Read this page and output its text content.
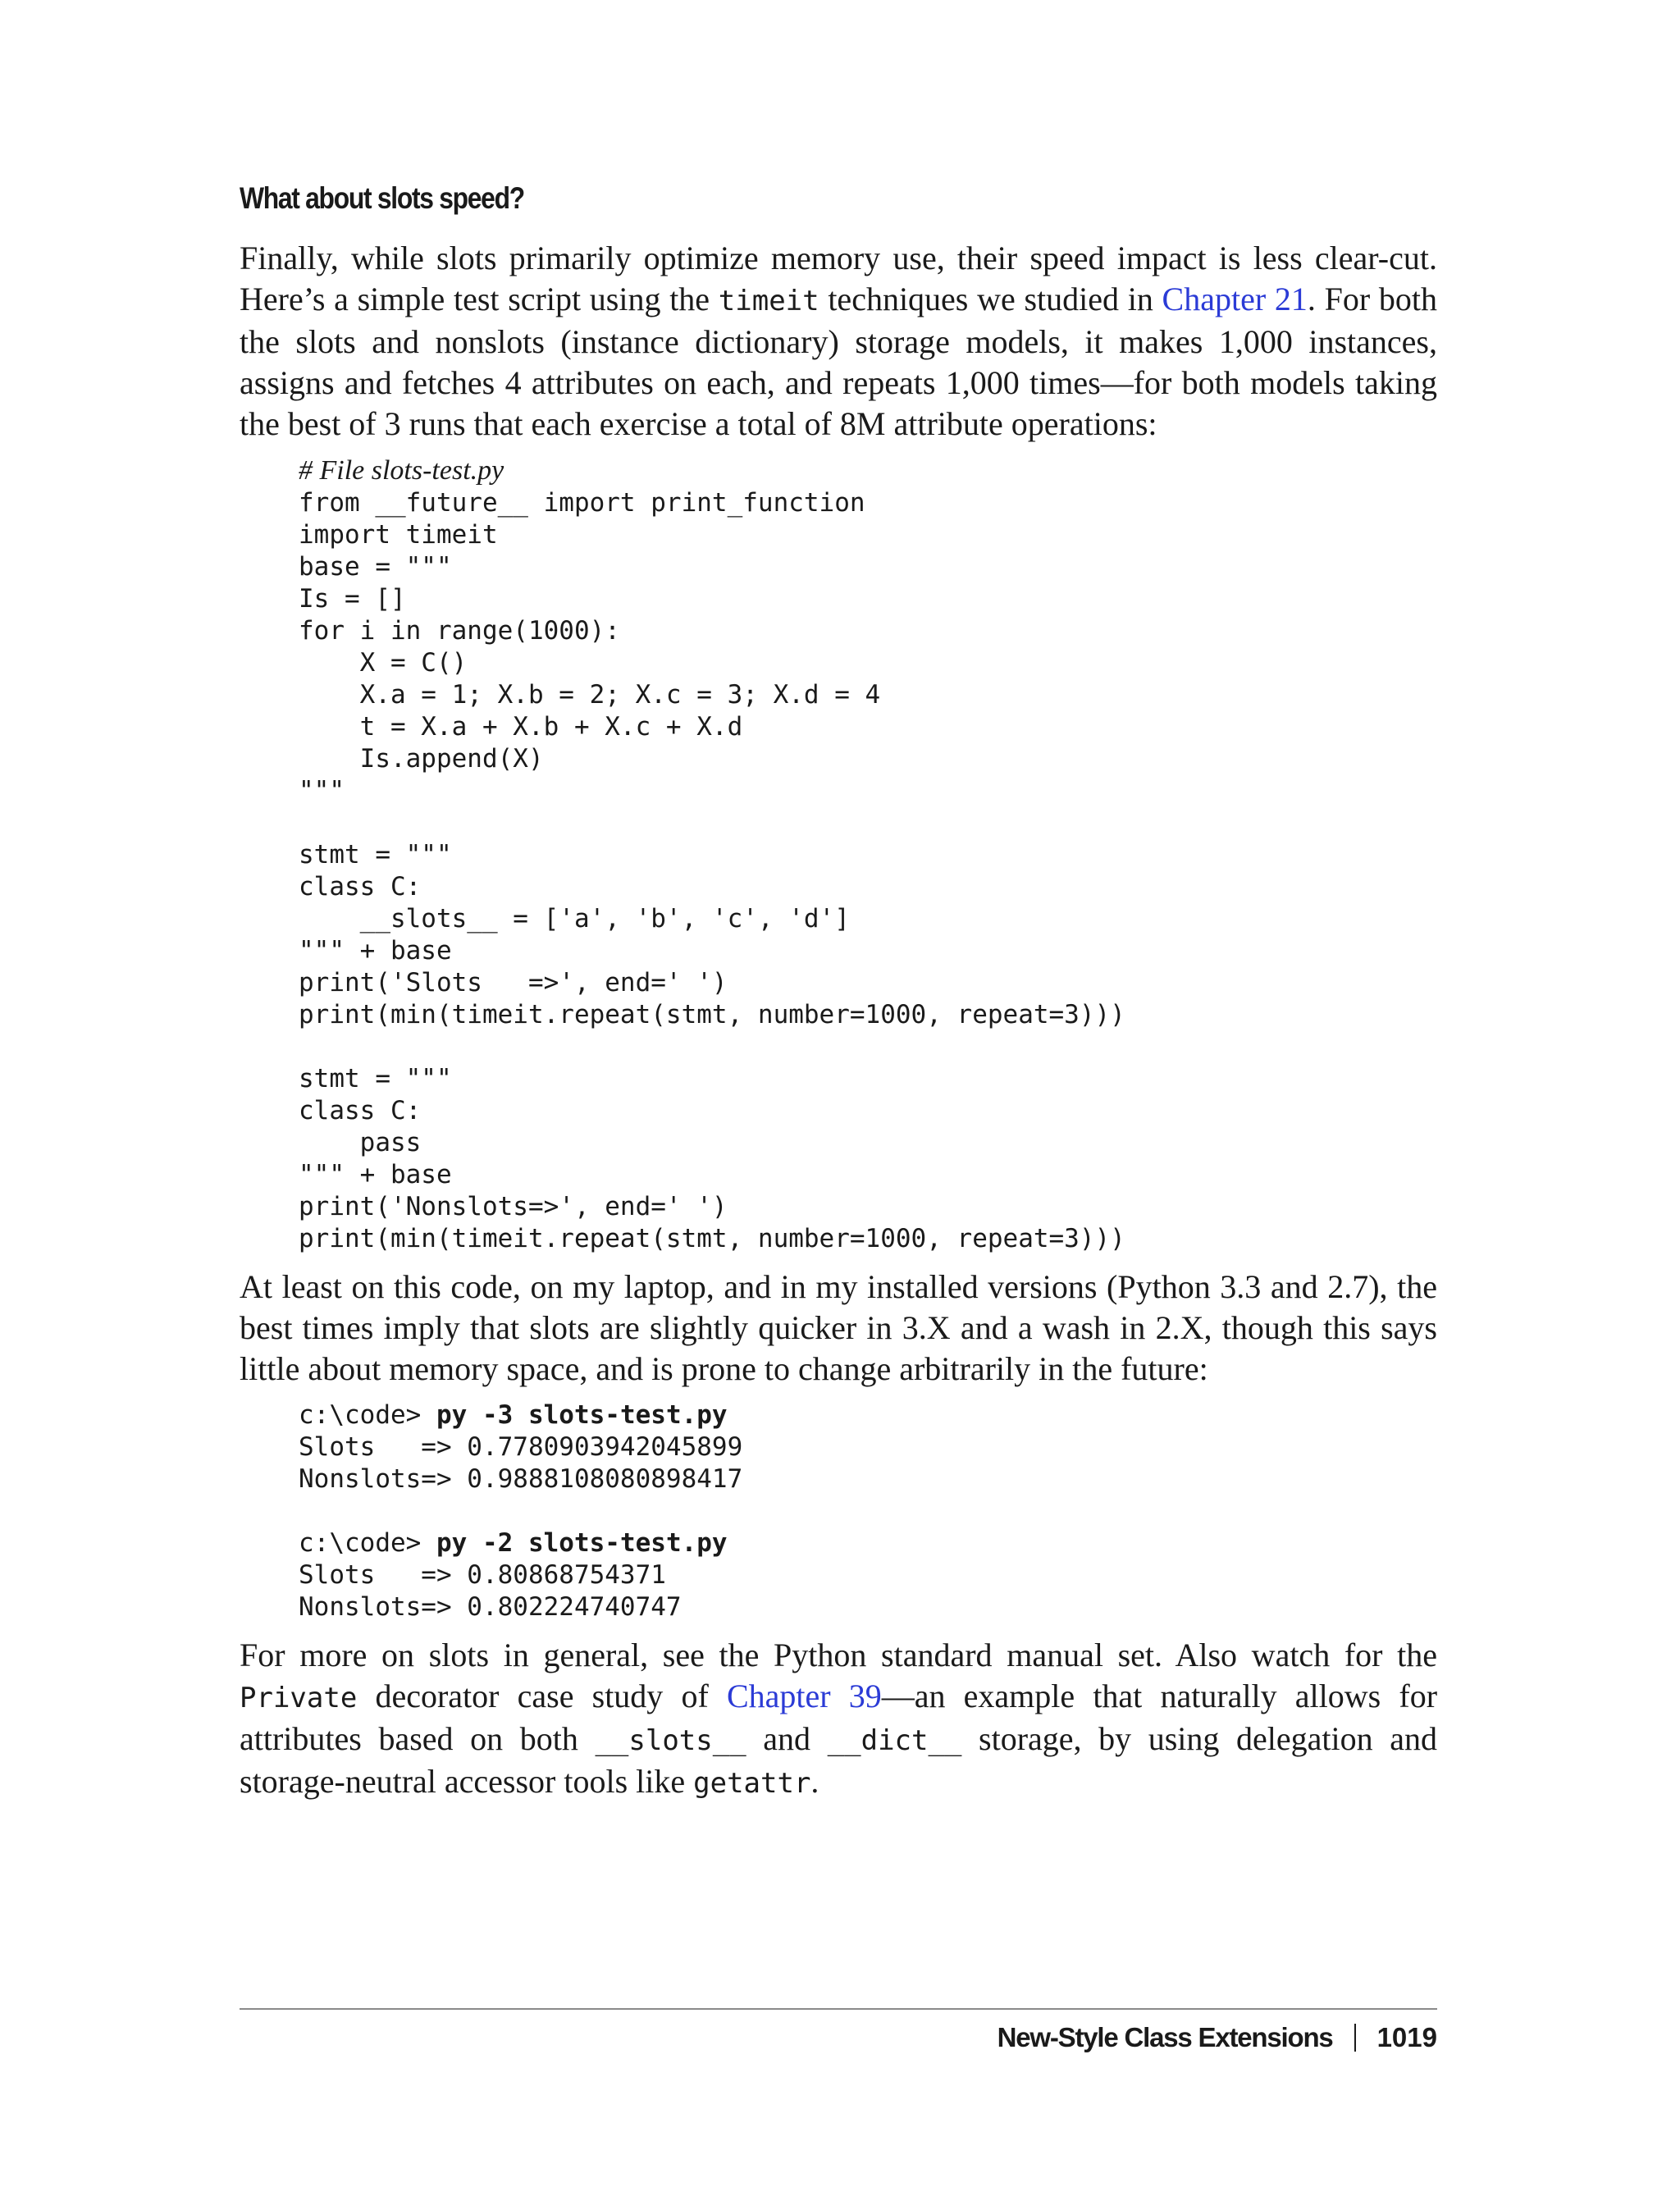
What about slots speed?

Finally, while slots primarily optimize memory use, their speed impact is less clear-cut. Here’s a simple test script using the timeit techniques we studied in Chapter 21. For both the slots and nonslots (instance dictionary) storage models, it makes 1,000 instances, assigns and fetches 4 attributes on each, and repeats 1,000 times—for both models taking the best of 3 runs that each exercise a total of 8M attribute operations:

# File slots-test.py
from __future__ import print_function
import timeit
base = """
Is = []
for i in range(1000):
X = C()
X.a = 1; X.b = 2; X.c = 3; X.d = 4
t = X.a + X.b + X.c + X.d
Is.append(X)
"""

stmt = """
class C:
__slots__ = ['a', 'b', 'c', 'd']
""" + base
print('Slots   =>', end=' ')
print(min(timeit.repeat(stmt, number=1000, repeat=3)))

stmt = """
class C:
pass
""" + base
print('Nonslots=>', end=' ')
print(min(timeit.repeat(stmt, number=1000, repeat=3)))

At least on this code, on my laptop, and in my installed versions (Python 3.3 and 2.7), the best times imply that slots are slightly quicker in 3.X and a wash in 2.X, though this says little about memory space, and is prone to change arbitrarily in the future:

c:\code> py -3 slots-test.py
Slots   => 0.7780903942045899
Nonslots=> 0.9888108080898417

c:\code> py -2 slots-test.py
Slots   => 0.80868754371
Nonslots=> 0.802224740747

For more on slots in general, see the Python standard manual set. Also watch for the Private decorator case study of Chapter 39—an example that naturally allows for attributes based on both __slots__ and __dict__ storage, by using delegation and storage-neutral accessor tools like getattr.

New-Style Class Extensions 1019
